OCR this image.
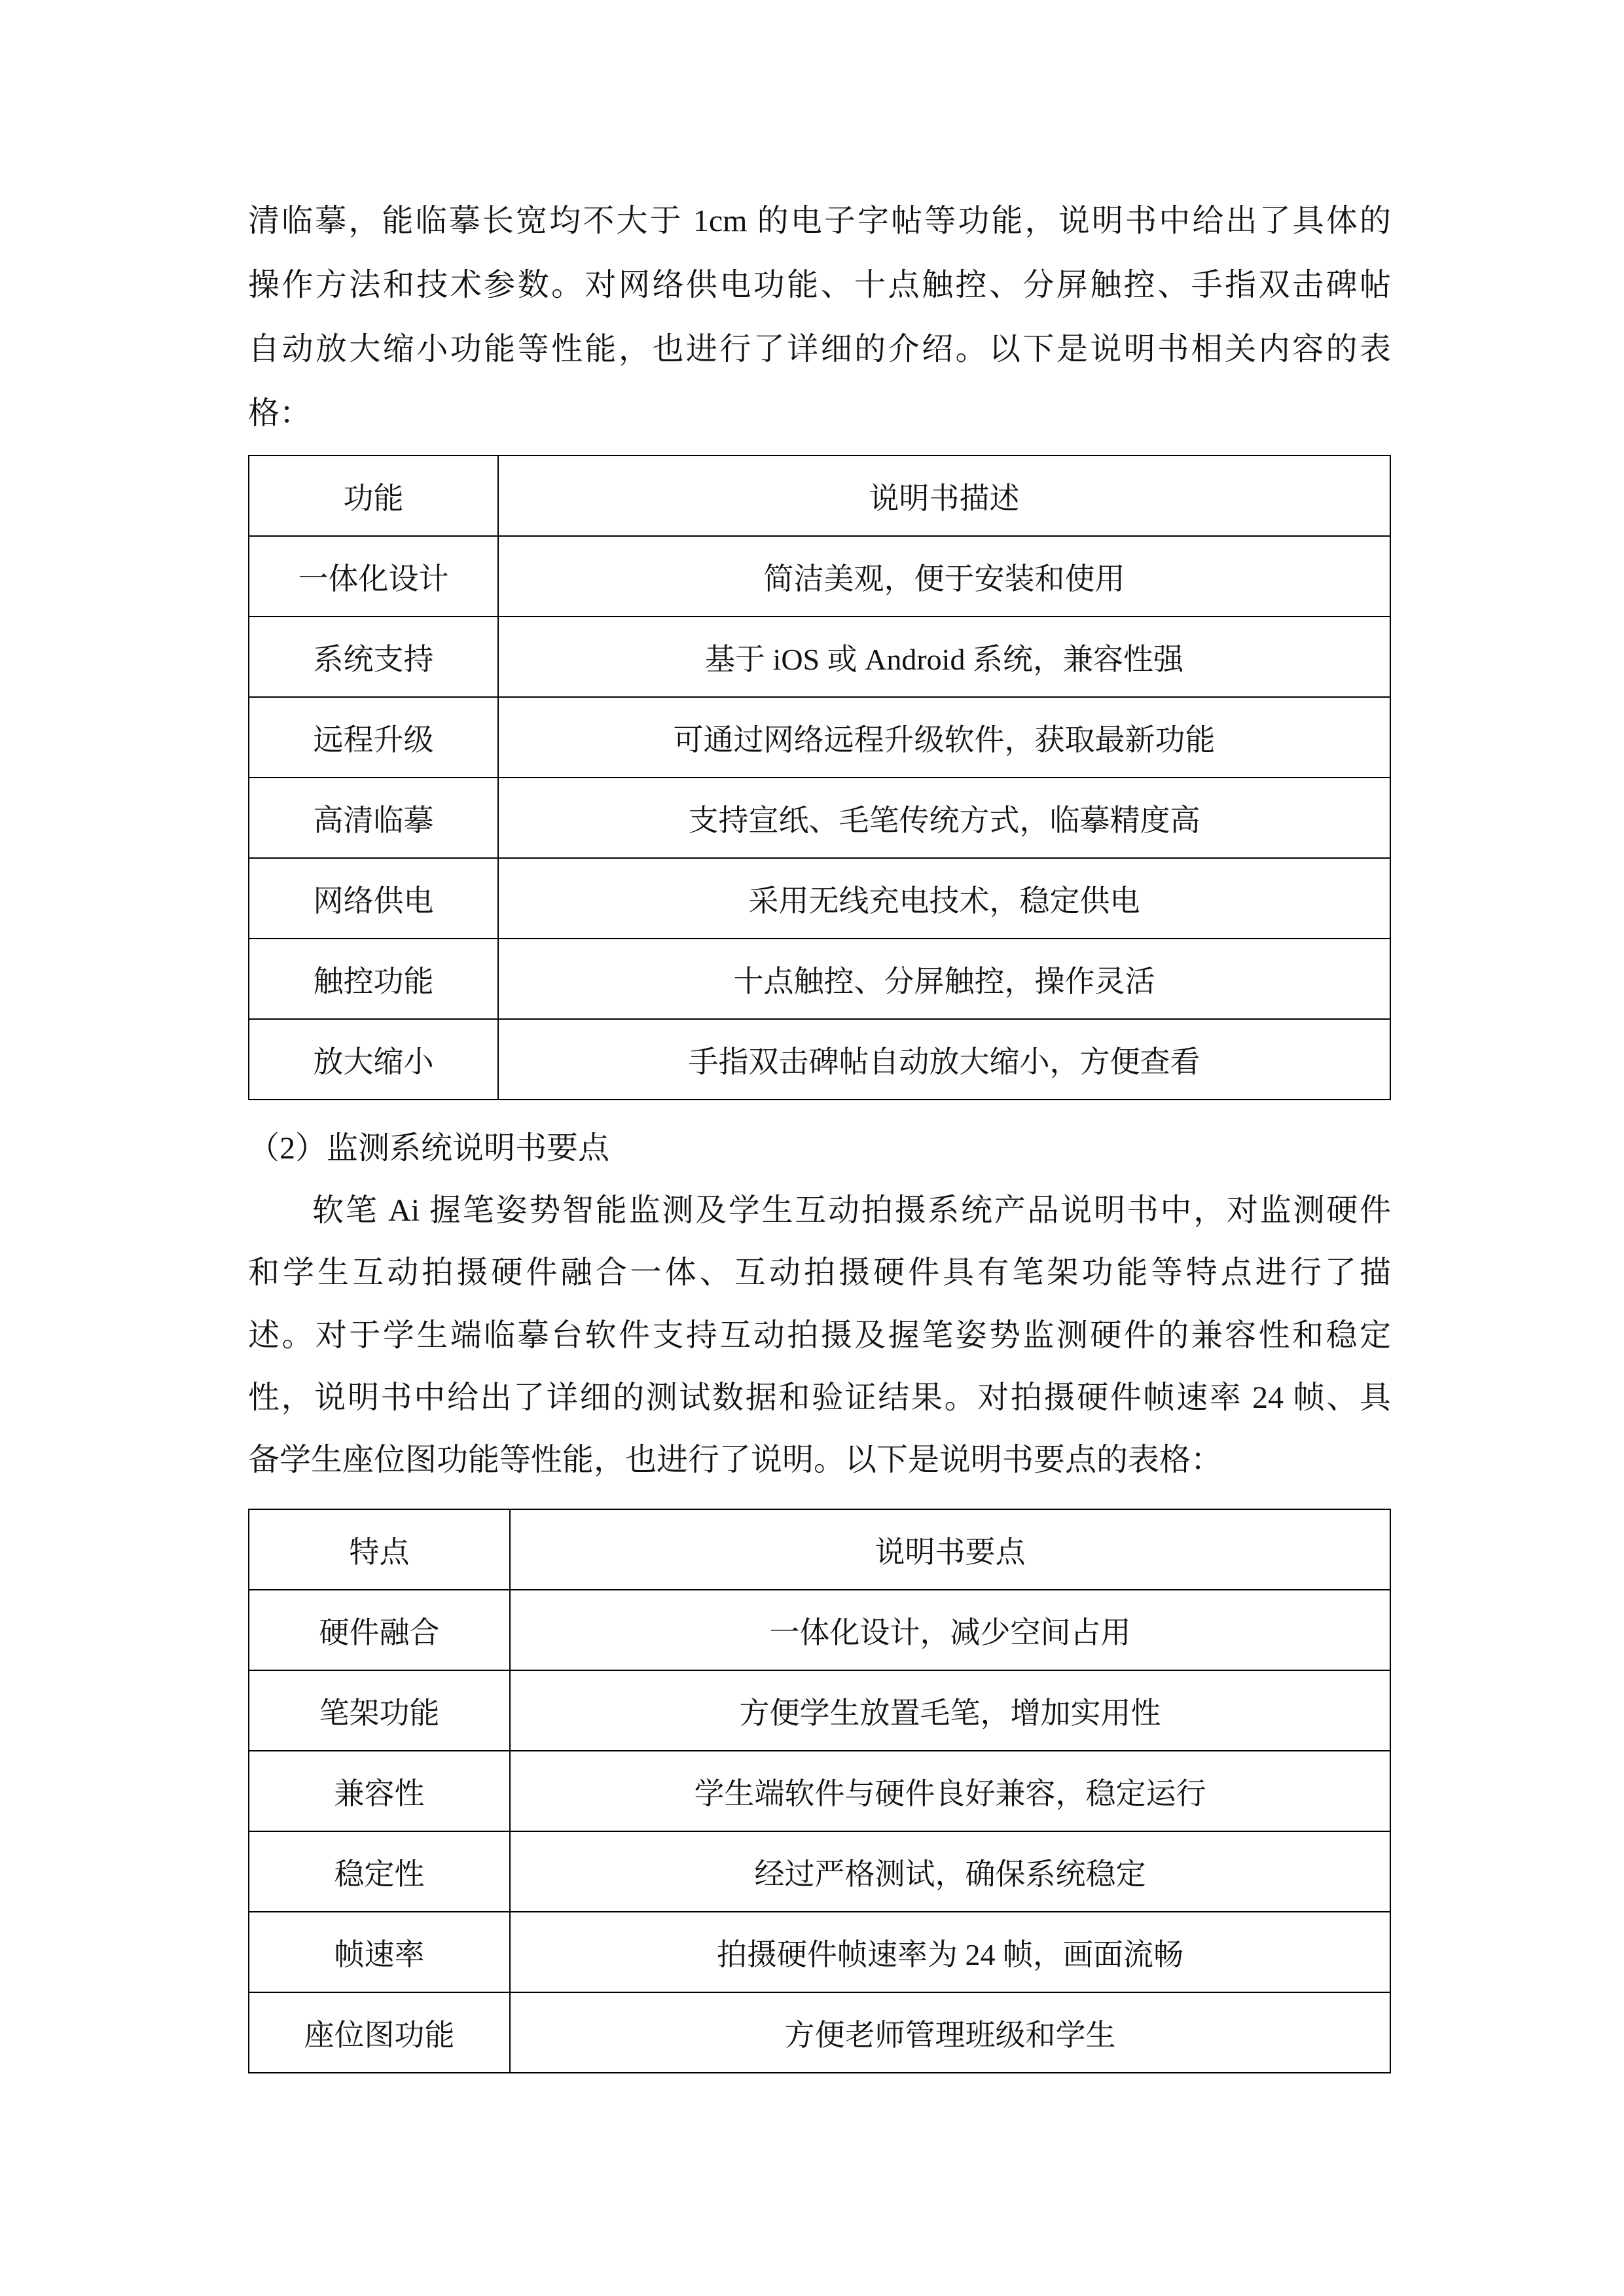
清临摹，能临摹长宽均不大于 1cm 的电子字帖等功能，说明书中给出了具体的
操作方法和技术参数。对网络供电功能、十点触控、分屏触控、手指双击碑帖
自动放大缩小功能等性能，也进行了详细的介绍。以下是说明书相关内容的表
格：
功能	说明书描述
一体化设计	简洁美观，便于安装和使用
系统支持	基于 iOS 或 Android 系统，兼容性强
远程升级	可通过网络远程升级软件，获取最新功能
高清临摹	支持宣纸、毛笔传统方式，临摹精度高
网络供电	采用无线充电技术，稳定供电
触控功能	十点触控、分屏触控，操作灵活
放大缩小	手指双击碑帖自动放大缩小，方便查看
（2）监测系统说明书要点
软笔 Ai 握笔姿势智能监测及学生互动拍摄系统产品说明书中，对监测硬件
和学生互动拍摄硬件融合一体、互动拍摄硬件具有笔架功能等特点进行了描
述。对于学生端临摹台软件支持互动拍摄及握笔姿势监测硬件的兼容性和稳定
性，说明书中给出了详细的测试数据和验证结果。对拍摄硬件帧速率 24 帧、具
备学生座位图功能等性能，也进行了说明。以下是说明书要点的表格：
特点	说明书要点
硬件融合	一体化设计，减少空间占用
笔架功能	方便学生放置毛笔，增加实用性
兼容性	学生端软件与硬件良好兼容，稳定运行
稳定性	经过严格测试，确保系统稳定
帧速率	拍摄硬件帧速率为 24 帧，画面流畅
座位图功能	方便老师管理班级和学生
